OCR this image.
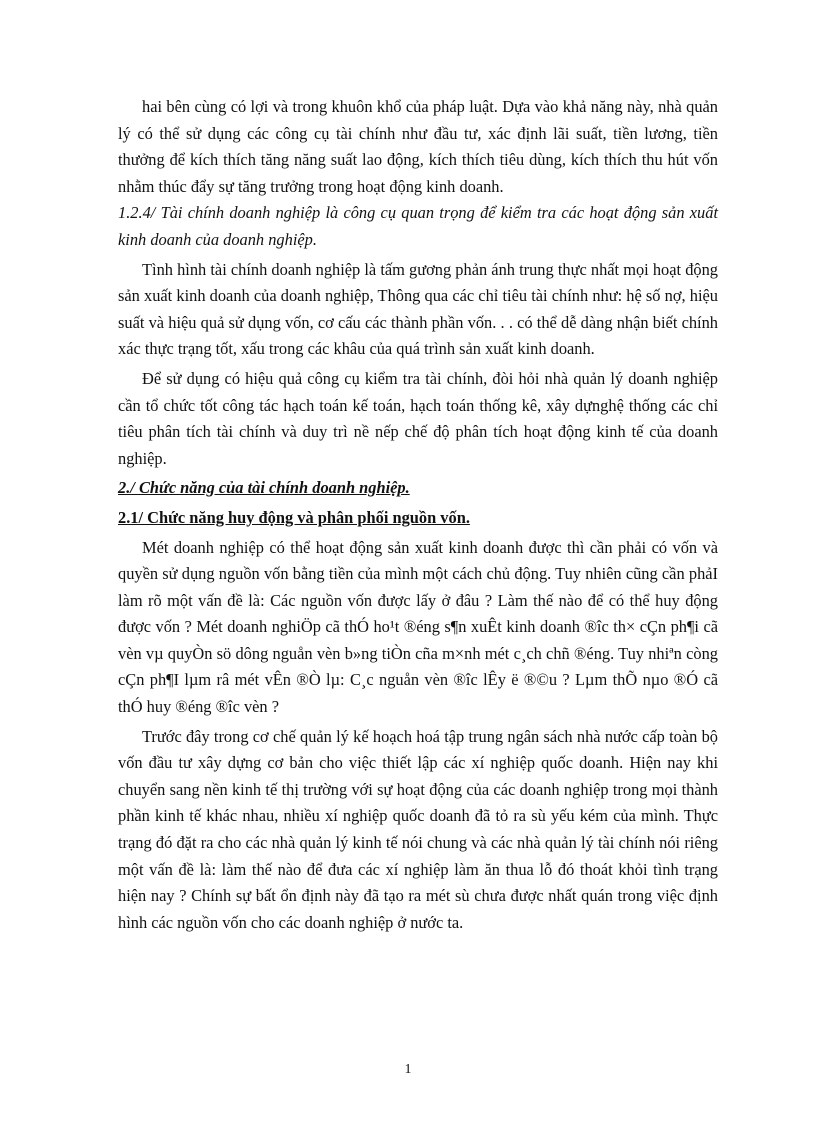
hai bên cùng có lợi và trong khuôn khổ của pháp luật. Dựa vào khả năng này, nhà quản lý có thể sử dụng các công cụ tài chính như đầu tư, xác định lãi suất, tiền lương, tiền thưởng để kích thích tăng năng suất lao động, kích thích tiêu dùng, kích thích thu hút vốn nhằm thúc đẩy sự tăng trưởng trong hoạt động kinh doanh.

1.2.4/ Tài chính doanh nghiệp là công cụ quan trọng để kiểm tra các hoạt động sản xuất kinh doanh của doanh nghiệp.

Tình hình tài chính doanh nghiệp là tấm gương phản ánh trung thực nhất mọi hoạt động sản xuất kinh doanh của doanh nghiệp, Thông qua các chỉ tiêu tài chính như: hệ số nợ, hiệu suất và hiệu quả sử dụng vốn, cơ cấu các thành phần vốn. . . có thể dễ dàng nhận biết chính xác thực trạng tốt, xấu trong các khâu của quá trình sản xuất kinh doanh.

Để sử dụng có hiệu quả công cụ kiểm tra tài chính, đòi hỏi nhà quản lý doanh nghiệp cần tổ chức tốt công tác hạch toán kế toán, hạch toán thống kê, xây dựnghệ thống các chỉ tiêu phân tích tài chính và duy trì nề nếp chế độ phân tích hoạt động kinh tế của doanh nghiệp.

2./ Chức năng của tài chính doanh nghiệp.

2.1/ Chức năng huy động và phân phối nguồn vốn.

Mét doanh nghiệp có thể hoạt động sản xuất kinh doanh được thì cần phải có vốn và quyền sử dụng nguồn vốn bằng tiền của mình một cách chủ động. Tuy nhiên cũng cần phảI làm rõ một vấn đề là: Các nguồn vốn được lấy ở đâu ? Làm thế nào để có thể huy động được vốn ? Mét doanh nghiÖp cã thÓ ho¹t ®éng s¶n xuÊt kinh doanh ®îc th× cÇn ph¶i cã vèn vµ quyÒn sö dông nguån vèn b»ng tiÒn cña m×nh mét c¸ch chñ ®éng. Tuy nhiªn còng cÇn ph¶I lµm râ mét vÊn ®Ò lµ: C¸c nguån vèn ®îc lÊy ë ®©u ? Lµm thÕ nµo ®Ó cã thÓ huy ®éng ®îc vèn ?

Trước đây trong cơ chế quản lý kế hoạch hoá tập trung ngân sách nhà nước cấp toàn bộ vốn đầu tư xây dựng cơ bản cho việc thiết lập các xí nghiệp quốc doanh. Hiện nay khi chuyển sang nền kinh tế thị trường với sự hoạt động của các doanh nghiệp trong mọi thành phần kinh tế khác nhau, nhiều xí nghiệp quốc doanh đã tỏ ra sù yếu kém của mình. Thực trạng đó đặt ra cho các nhà quản lý kinh tế nói chung và các nhà quản lý tài chính nói riêng một vấn đề là: làm thế nào để đưa các xí nghiệp làm ăn thua lỗ đó thoát khỏi tình trạng hiện nay ? Chính sự bất ổn định này đã tạo ra mét sù chưa được nhất quán trong việc định hình các nguồn vốn cho các doanh nghiệp ở nước ta.

1
